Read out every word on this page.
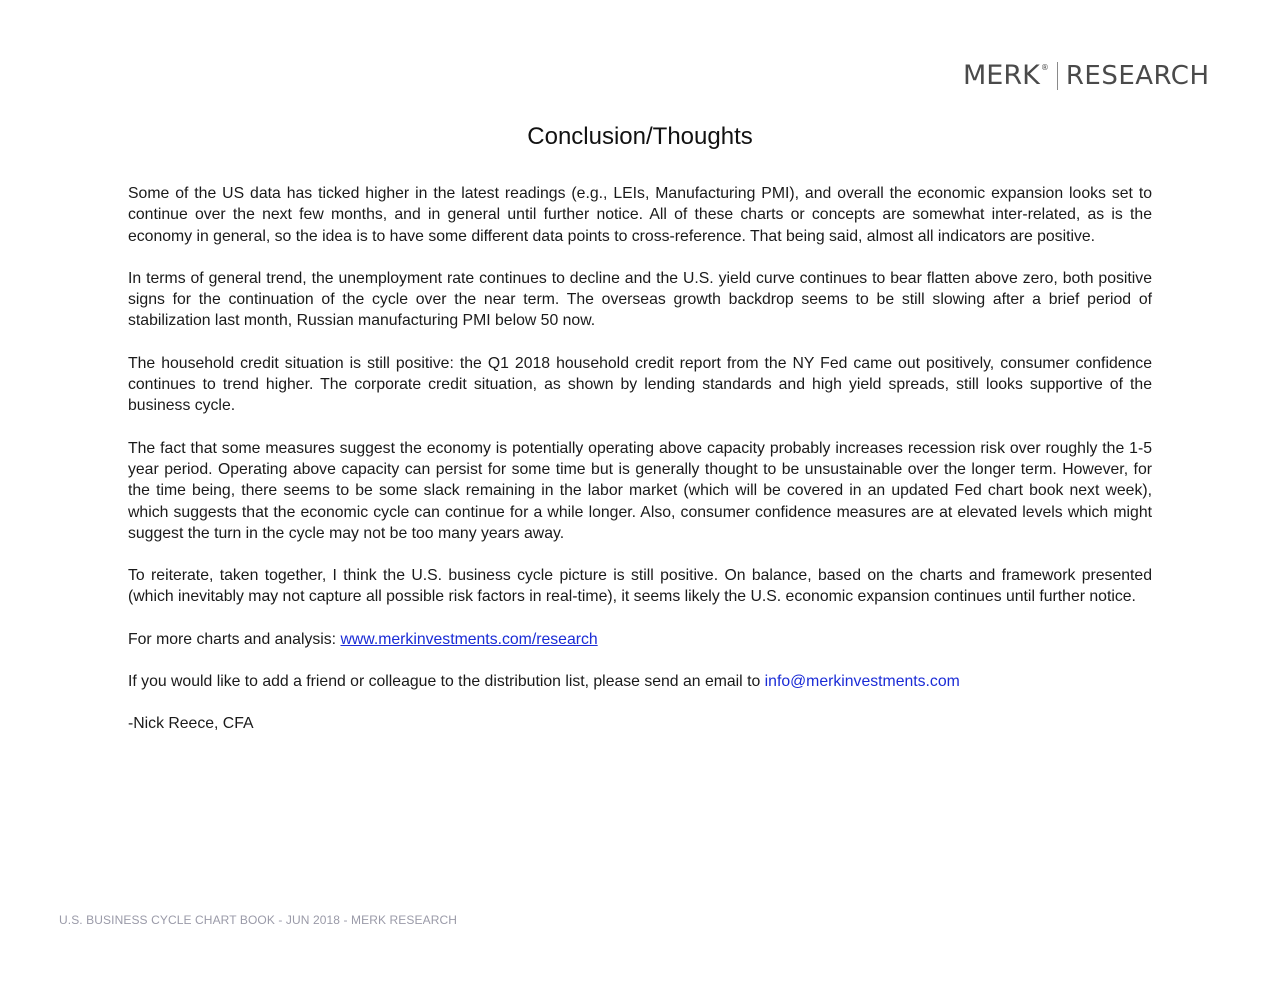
MERK ® RESEARCH
Conclusion/Thoughts

Some of the US data has ticked higher in the latest readings (e.g., LEIs, Manufacturing PMI), and overall the economic expansion looks set to continue over the next few months, and in general until further notice. All of these charts or concepts are somewhat inter-related, as is the economy in general, so the idea is to have some different data points to cross-reference. That being said, almost all indicators are positive.

In terms of general trend, the unemployment rate continues to decline and the U.S. yield curve continues to bear flatten above zero, both positive signs for the continuation of the cycle over the near term. The overseas growth backdrop seems to be still slowing after a brief period of stabilization last month, Russian manufacturing PMI below 50 now.

The household credit situation is still positive: the Q1 2018 household credit report from the NY Fed came out positively, consumer confidence continues to trend higher. The corporate credit situation, as shown by lending standards and high yield spreads, still looks supportive of the business cycle.

The fact that some measures suggest the economy is potentially operating above capacity probably increases recession risk over roughly the 1-5 year period. Operating above capacity can persist for some time but is generally thought to be unsustainable over the longer term. However, for the time being, there seems to be some slack remaining in the labor market (which will be covered in an updated Fed chart book next week), which suggests that the economic cycle can continue for a while longer. Also, consumer confidence measures are at elevated levels which might suggest the turn in the cycle may not be too many years away.

To reiterate, taken together, I think the U.S. business cycle picture is still positive. On balance, based on the charts and framework presented (which inevitably may not capture all possible risk factors in real-time), it seems likely the U.S. economic expansion continues until further notice.

For more charts and analysis: www.merkinvestments.com/research

If you would like to add a friend or colleague to the distribution list, please send an email to info@merkinvestments.com

-Nick Reece, CFA

U.S. BUSINESS CYCLE CHART BOOK - JUN 2018 - MERK RESEARCH
